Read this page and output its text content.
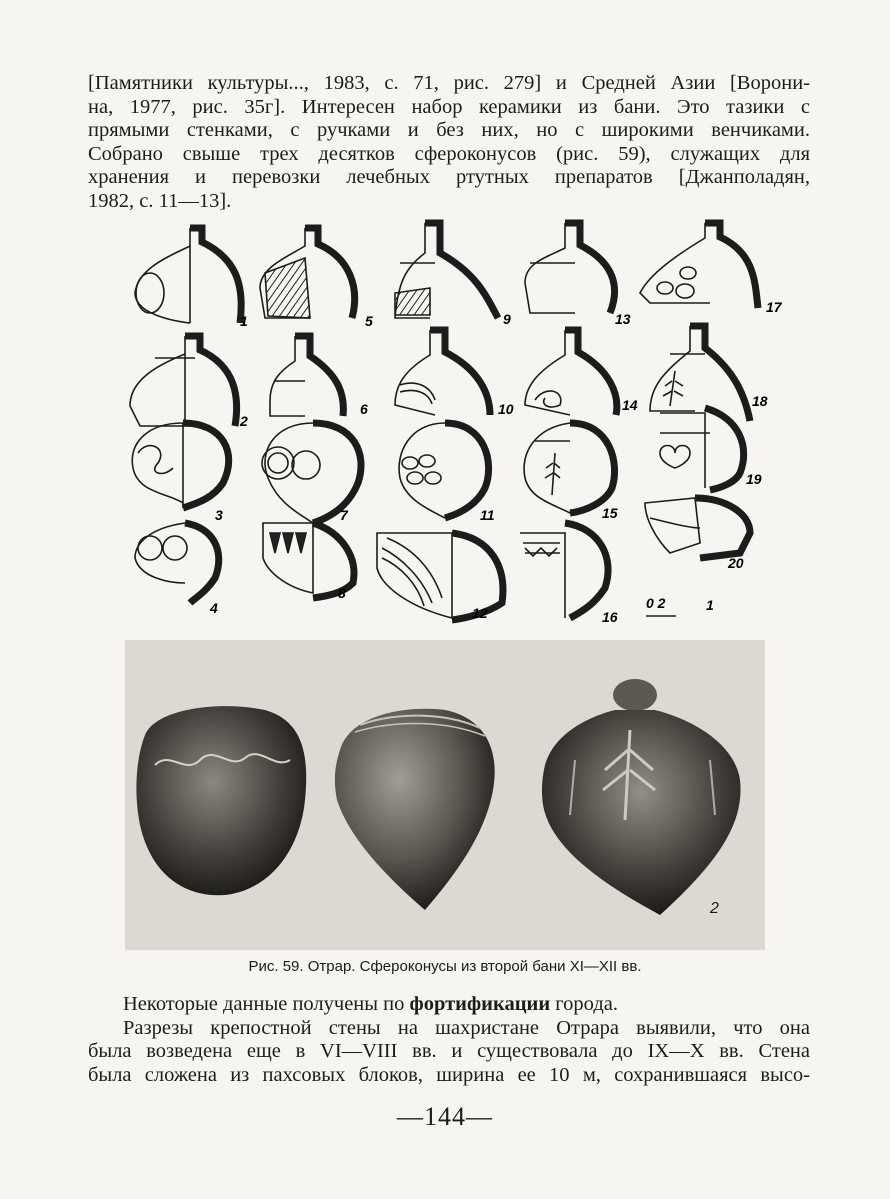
[Памятники культуры..., 1983, с. 71, рис. 279] и Средней Азии [Ворони-
на, 1977, рис. 35г]. Интересен набор керамики из бани. Это тазики с
прямыми стенками, с ручками и без них, но с широкими венчиками.
Собрано свыше трех десятков сфероконусов (рис. 59), служащих для
хранения и перевозки лечебных ртутных препаратов [Джанполадян,
1982, с. 11—13].

1	5	9	13
17
2
6	10	14	18
3	7	11	15
19
4
8
12	16
20
0 2	1
2
Рис. 59. Отрар. Сфероконусы из второй бани XI—XII вв.

Некоторые данные получены по фортификации города.
Разрезы крепостной стены на шахристане Отрара выявили, что она
была возведена еще в VI—VIII вв. и существовала до IX—X вв. Стена
была сложена из пахсовых блоков, ширина ее 10 м, сохранившаяся высо-

—144—
